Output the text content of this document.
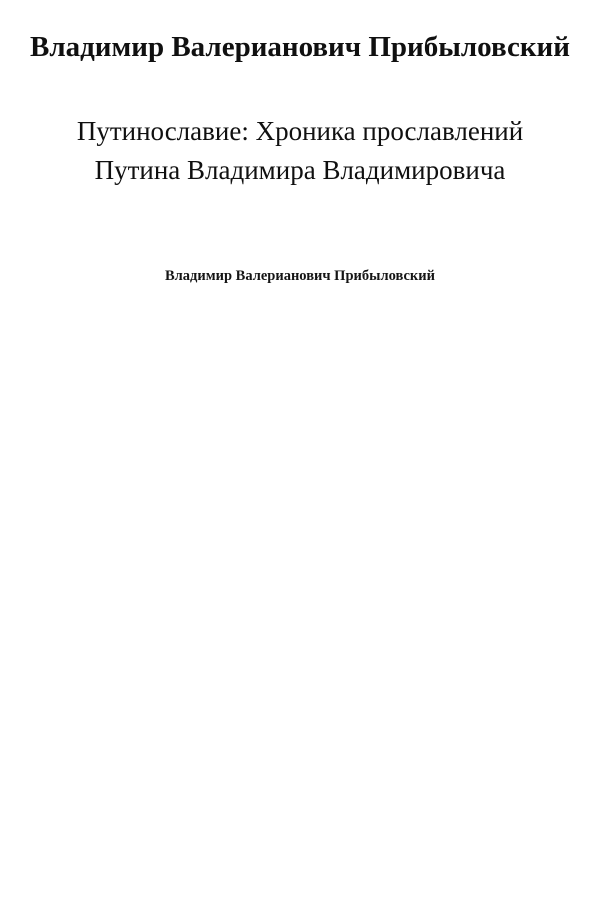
Владимир Валерианович Прибыловский
Путинославие: Хроника прославлений
Путина Владимира Владимировича
Владимир Валерианович Прибыловский
